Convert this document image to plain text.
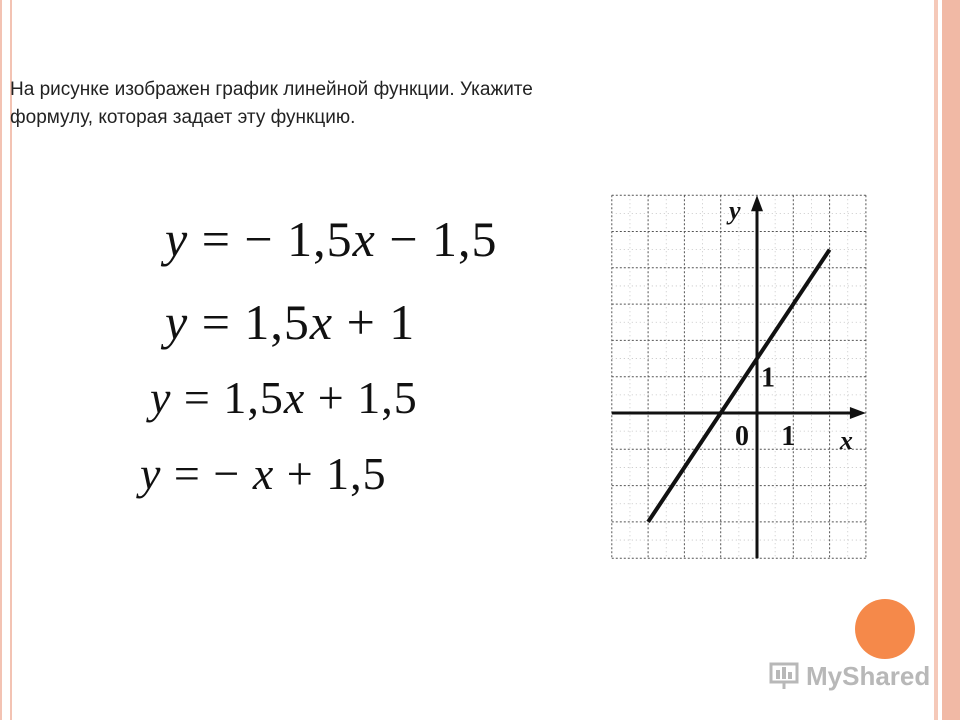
На рисунке изображен график линейной функции. Укажите
формулу, которая задает эту функцию.
y = − 1,5x − 1,5
y = 1,5x + 1
y = 1,5x + 1,5
y = − x + 1,5
y
x
0 1
1
MyShared
